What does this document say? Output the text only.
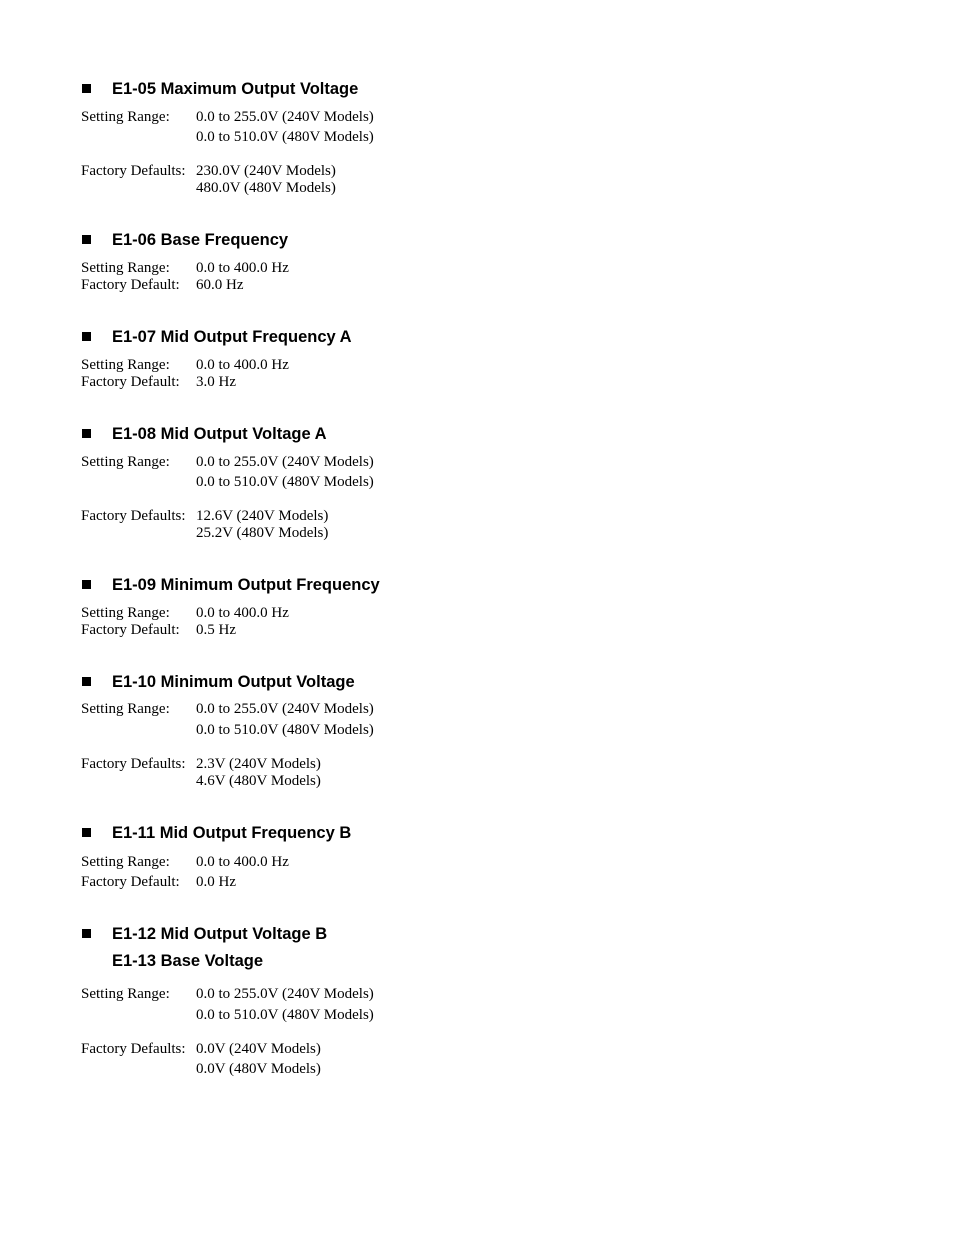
E1-05 Maximum Output Voltage
Setting Range: 0.0 to 255.0V (240V Models)
0.0 to 510.0V (480V Models)
Factory Defaults: 230.0V (240V Models)
480.0V (480V Models)
E1-06 Base Frequency
Setting Range: 0.0 to 400.0 Hz
Factory Default: 60.0 Hz
E1-07 Mid Output Frequency A
Setting Range: 0.0 to 400.0 Hz
Factory Default: 3.0 Hz
E1-08 Mid Output Voltage A
Setting Range: 0.0 to 255.0V (240V Models)
0.0 to 510.0V (480V Models)
Factory Defaults: 12.6V (240V Models)
25.2V (480V Models)
E1-09 Minimum Output Frequency
Setting Range: 0.0 to 400.0 Hz
Factory Default: 0.5 Hz
E1-10 Minimum Output Voltage
Setting Range: 0.0 to 255.0V (240V Models)
0.0 to 510.0V (480V Models)
Factory Defaults: 2.3V (240V Models)
4.6V (480V Models)
E1-11 Mid Output Frequency B
Setting Range: 0.0 to 400.0 Hz
Factory Default: 0.0 Hz
E1-12 Mid Output Voltage B
E1-13 Base Voltage
Setting Range: 0.0 to 255.0V (240V Models)
0.0 to 510.0V (480V Models)
Factory Defaults: 0.0V (240V Models)
0.0V (480V Models)
